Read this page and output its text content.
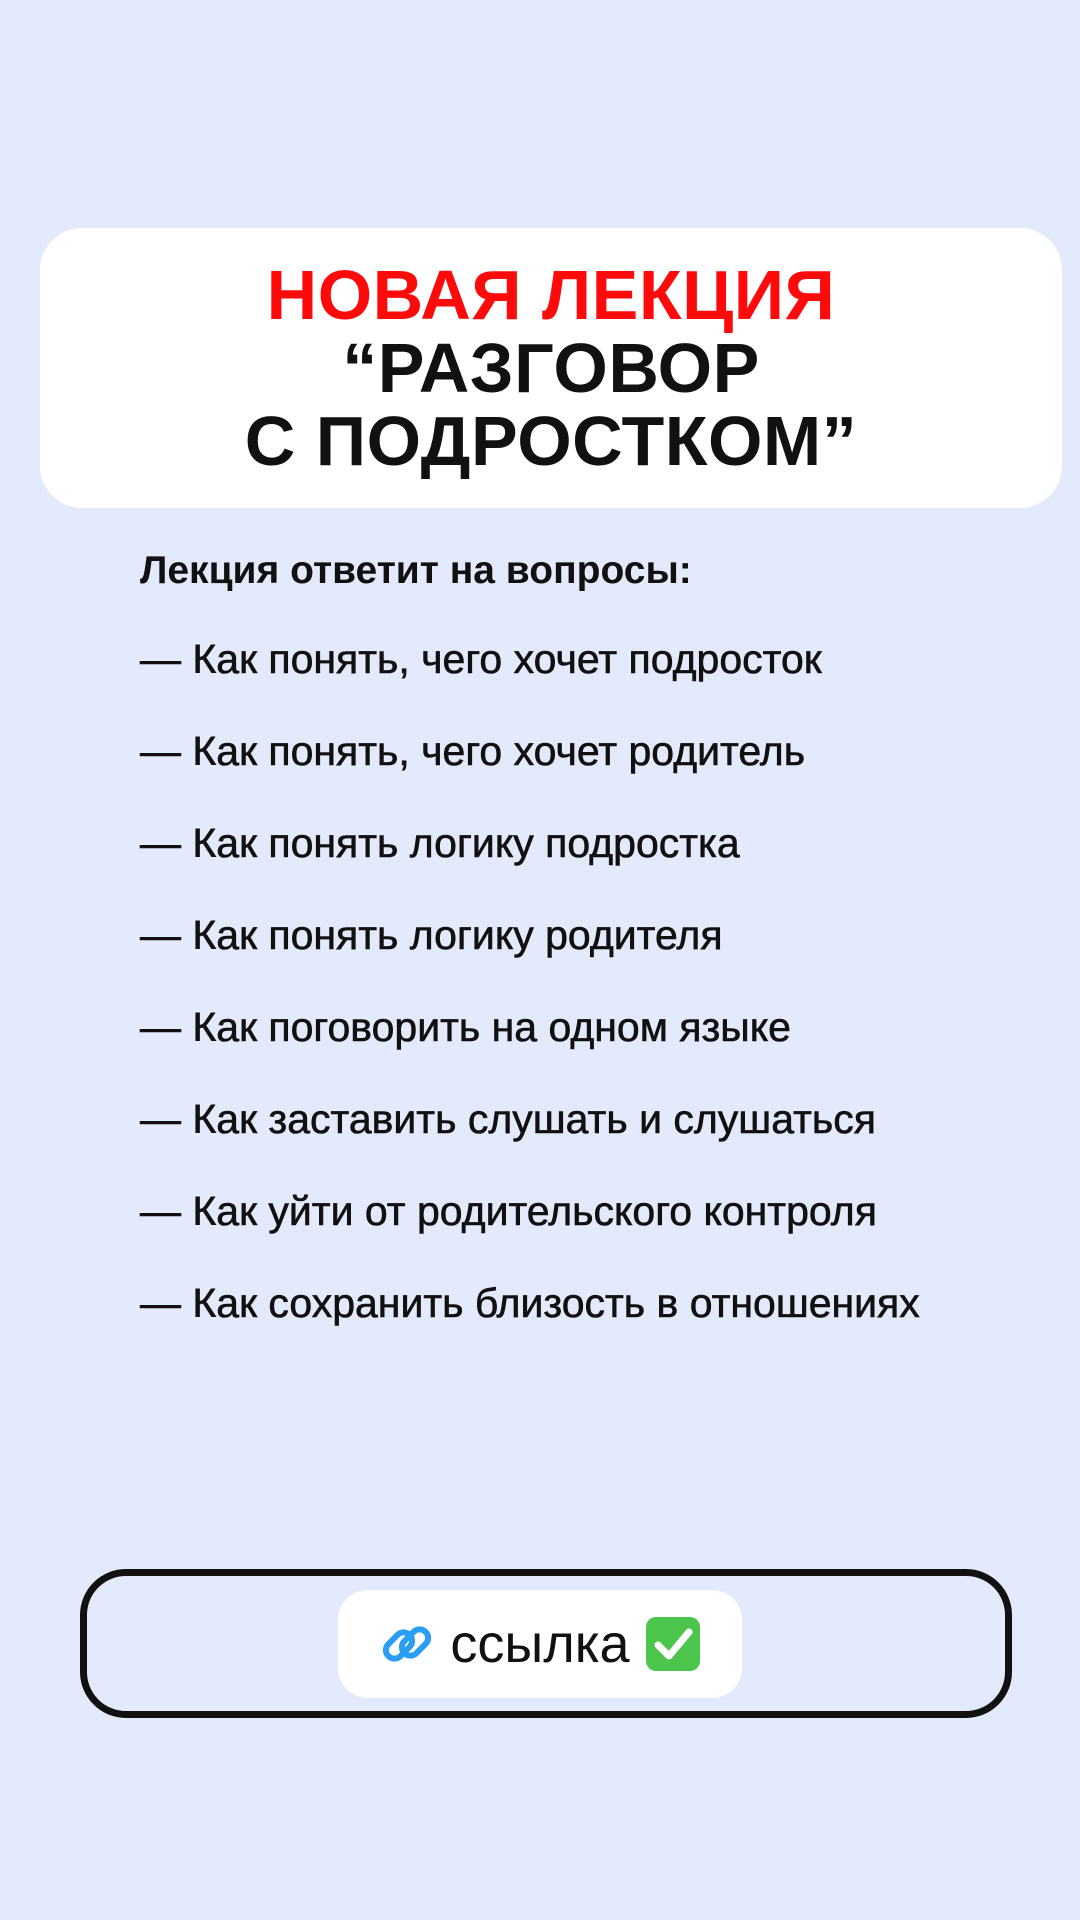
НОВАЯ ЛЕКЦИЯ
“РАЗГОВОР
С ПОДРОСТКОМ”
Лекция ответит на вопросы:
— Как понять, чего хочет подросток
— Как понять, чего хочет родитель
— Как понять логику подростка
— Как понять логику родителя
— Как поговорить на одном языке
— Как заставить слушать и слушаться
— Как уйти от родительского контроля
— Как сохранить близость в отношениях
ссылка
